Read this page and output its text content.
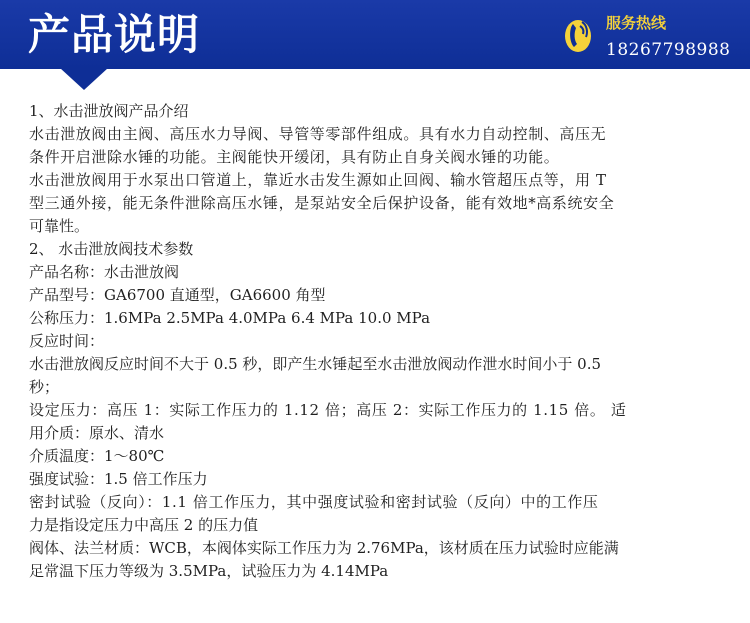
产品说明	服务热线
18267798988
1、水击泄放阀产品介绍
水击泄放阀由主阀、高压水力导阀、导管等零部件组成。具有水力自动控制、高压无
条件开启泄除水锤的功能。主阀能快开缓闭，具有防止自身关阀水锤的功能。
水击泄放阀用于水泵出口管道上，靠近水击发生源如止回阀、输水管超压点等，用 T
型三通外接，能无条件泄除高压水锤，是泵站安全后保护设备，能有效地*高系统安全
可靠性。
2、 水击泄放阀技术参数
产品名称：水击泄放阀
产品型号：GA6700 直通型，GA6600 角型
公称压力：1.6MPa 2.5MPa 4.0MPa 6.4 MPa 10.0 MPa
反应时间：
水击泄放阀反应时间不大于 0.5 秒，即产生水锤起至水击泄放阀动作泄水时间小于 0.5
秒；
设定压力：高压 1：实际工作压力的 1.12 倍；高压 2：实际工作压力的 1.15 倍。 适
用介质：原水、清水
介质温度：1～80℃
强度试验：1.5 倍工作压力
密封试验（反向）：1.1 倍工作压力，其中强度试验和密封试验（反向）中的工作压
力是指设定压力中高压 2 的压力值
阀体、法兰材质：WCB，本阀体实际工作压力为 2.76MPa，该材质在压力试验时应能满
足常温下压力等级为 3.5MPa，试验压力为 4.14MPa
